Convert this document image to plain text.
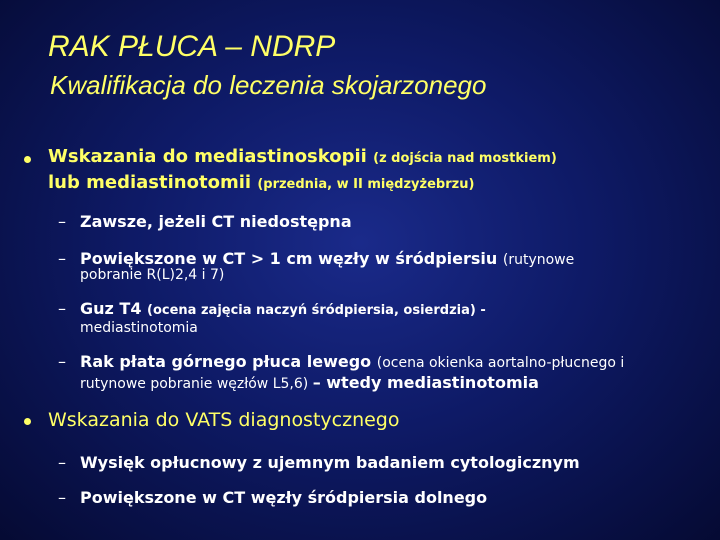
RAK PŁUCA – NDRP
Kwalifikacja do leczenia skojarzonego
Wskazania do mediastinoskopii (z dojścia nad mostkiem)
lub mediastinotomii (przednia, w II międzyżebrzu)
– Zawsze, jeżeli CT niedostępna
– Powiększone w CT > 1 cm węzły w śródpiersiu (rutynowe
pobranie R(L)2,4 i 7)
– Guz T4 (ocena zajęcia naczyń śródpiersia, osierdzia) -
mediastinotomia
– Rak płata górnego płuca lewego (ocena okienka aortalno-płucnego i
rutynowe pobranie węzłów L5,6) – wtedy mediastinotomia
Wskazania do VATS diagnostycznego
– Wysięk opłucnowy z ujemnym badaniem cytologicznym
– Powiększone w CT węzły śródpiersia dolnego
